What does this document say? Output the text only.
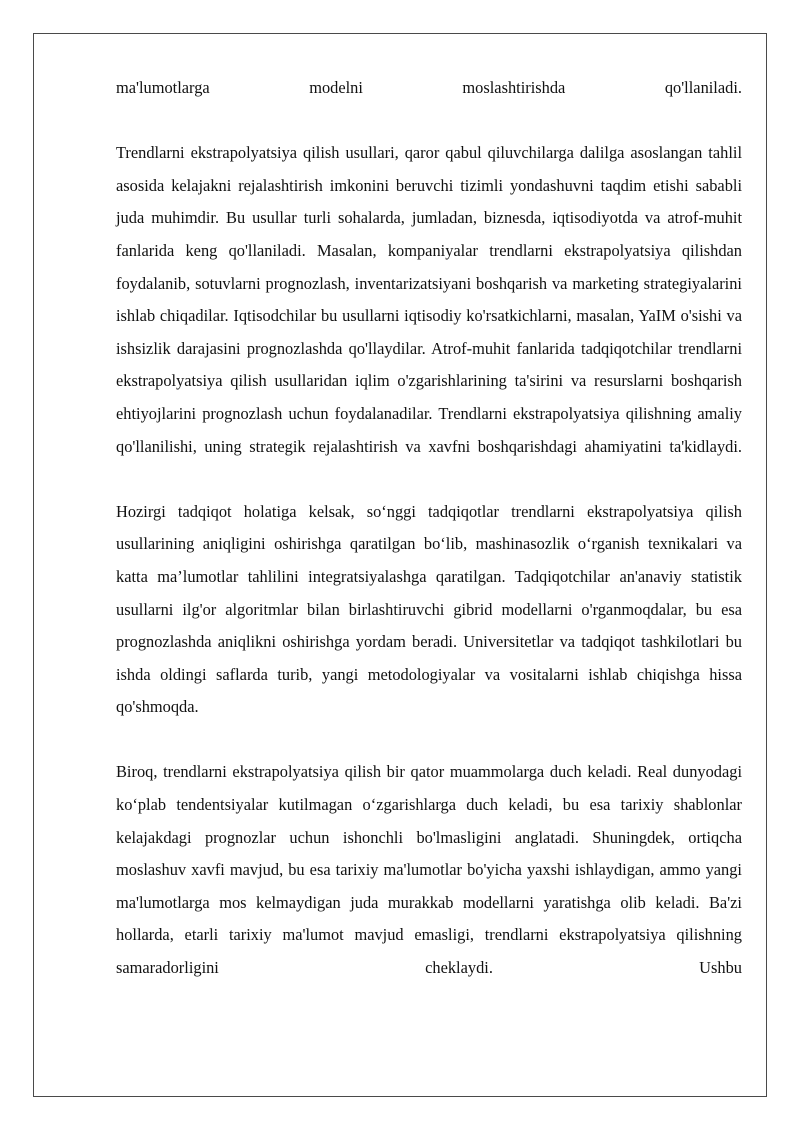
ma'lumotlarga modelni moslashtirishda qo'llaniladi.

Trendlarni ekstrapolyatsiya qilish usullari, qaror qabul qiluvchilarga dalilga asoslangan tahlil asosida kelajakni rejalashtirish imkonini beruvchi tizimli yondashuvni taqdim etishi sababli juda muhimdir. Bu usullar turli sohalarda, jumladan, biznesda, iqtisodiyotda va atrof-muhit fanlarida keng qo'llaniladi. Masalan, kompaniyalar trendlarni ekstrapolyatsiya qilishdan foydalanib, sotuvlarni prognozlash, inventarizatsiyani boshqarish va marketing strategiyalarini ishlab chiqadilar. Iqtisodchilar bu usullarni iqtisodiy ko'rsatkichlarni, masalan, YaIM o'sishi va ishsizlik darajasini prognozlashda qo'llaydilar. Atrof-muhit fanlarida tadqiqotchilar trendlarni ekstrapolyatsiya qilish usullaridan iqlim o'zgarishlarining ta'sirini va resurslarni boshqarish ehtiyojlarini prognozlash uchun foydalanadilar. Trendlarni ekstrapolyatsiya qilishning amaliy qo'llanilishi, uning strategik rejalashtirish va xavfni boshqarishdagi ahamiyatini ta'kidlaydi.

Hozirgi tadqiqot holatiga kelsak, so‘nggi tadqiqotlar trendlarni ekstrapolyatsiya qilish usullarining aniqligini oshirishga qaratilgan bo‘lib, mashinasozlik o‘rganish texnikalari va katta ma’lumotlar tahlilini integratsiyalashga qaratilgan. Tadqiqotchilar an'anaviy statistik usullarni ilg'or algoritmlar bilan birlashtiruvchi gibrid modellarni o'rganmoqdalar, bu esa prognozlashda aniqlikni oshirishga yordam beradi. Universitetlar va tadqiqot tashkilotlari bu ishda oldingi saflarda turib, yangi metodologiyalar va vositalarni ishlab chiqishga hissa qo'shmoqda.

Biroq, trendlarni ekstrapolyatsiya qilish bir qator muammolarga duch keladi. Real dunyodagi ko‘plab tendentsiyalar kutilmagan o‘zgarishlarga duch keladi, bu esa tarixiy shablonlar kelajakdagi prognozlar uchun ishonchli bo'lmasligini anglatadi. Shuningdek, ortiqcha moslashuv xavfi mavjud, bu esa tarixiy ma'lumotlar bo'yicha yaxshi ishlaydigan, ammo yangi ma'lumotlarga mos kelmaydigan juda murakkab modellarni yaratishga olib keladi. Ba'zi hollarda, etarli tarixiy ma'lumot mavjud emasligi, trendlarni ekstrapolyatsiya qilishning samaradorligini cheklaydi. Ushbu
